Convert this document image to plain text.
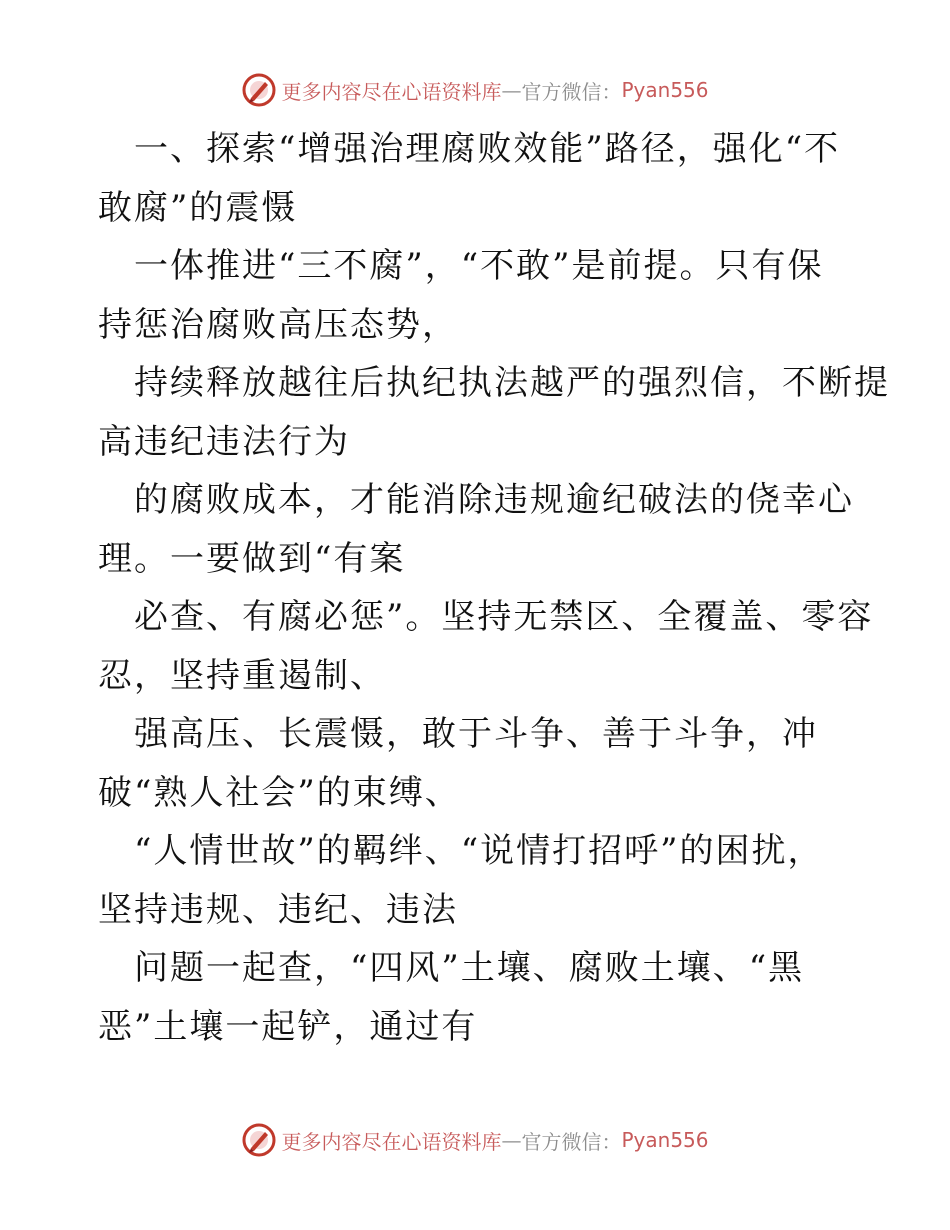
更多内容尽在心语资料库 — 官方微信： Pyan556
一、探索“增强治理腐败效能”路径，强化“不
敢腐”的震慑
一体推进“三不腐”，“不敢”是前提。只有保
持惩治腐败高压态势，
持续释放越往后执纪执法越严的强烈信，不断提
高违纪违法行为
的腐败成本，才能消除违规逾纪破法的侥幸心
理。一要做到“有案
必查、有腐必惩”。坚持无禁区、全覆盖、零容
忍，坚持重遏制、
强高压、长震慑，敢于斗争、善于斗争，冲
破“熟人社会”的束缚、
“人情世故”的羁绊、“说情打招呼”的困扰，
坚持违规、违纪、违法
问题一起查，“四风”土壤、腐败土壤、“黑
恶”土壤一起铲，通过有
更多内容尽在心语资料库 — 官方微信： Pyan556
